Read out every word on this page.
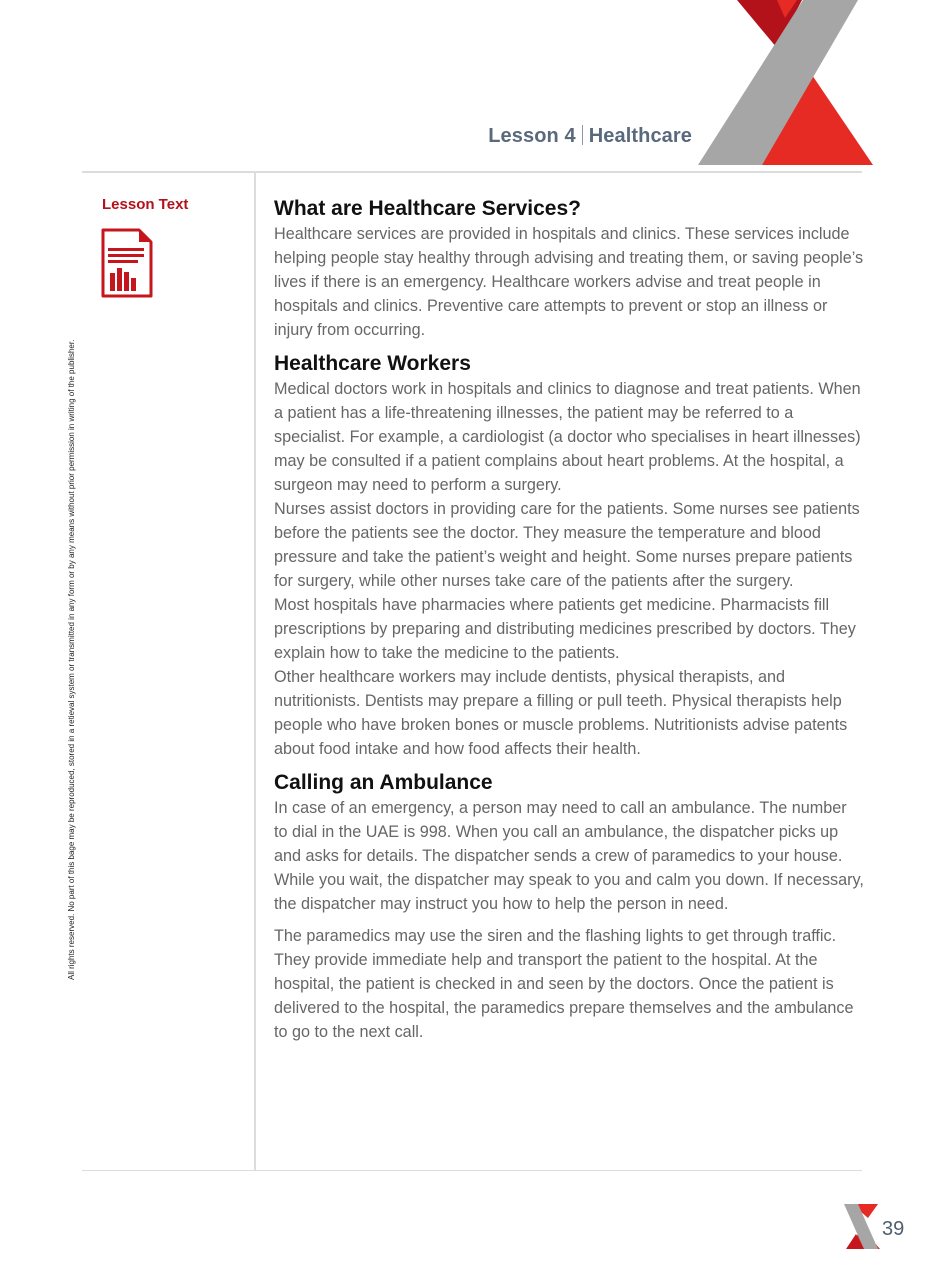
Lesson 4 Healthcare
Lesson Text
All rights reserved. No part of this bage may be reproduced, stored in a retieval system or transmitted in any form or by any means without prior permission in writing of the publisher.
What are Healthcare Services?

Healthcare services are provided in hospitals and clinics. These services include helping people stay healthy through advising and treating them, or saving people’s lives if there is an emergency. Healthcare workers advise and treat people in hospitals and clinics. Preventive care attempts to prevent or stop an illness or injury from occurring.

Healthcare Workers

Medical doctors work in hospitals and clinics to diagnose and treat patients. When a patient has a life-threatening illnesses, the patient may be referred to a specialist. For example, a cardiologist (a doctor who specialises in heart illnesses) may be consulted if a patient complains about heart problems. At the hospital, a surgeon may need to perform a surgery.

Nurses assist doctors in providing care for the patients. Some nurses see patients before the patients see the doctor. They measure the temperature and blood pressure and take the patient’s weight and height. Some nurses prepare patients for surgery, while other nurses take care of the patients after the surgery.

Most hospitals have pharmacies where patients get medicine. Pharmacists fill prescriptions by preparing and distributing medicines prescribed by doctors. They explain how to take the medicine to the patients.

Other healthcare workers may include dentists, physical therapists, and nutritionists. Dentists may prepare a filling or pull teeth. Physical therapists help people who have broken bones or muscle problems. Nutritionists advise patents about food intake and how food affects their health.

Calling an Ambulance

In case of an emergency, a person may need to call an ambulance. The number to dial in the UAE is 998. When you call an ambulance, the dispatcher picks up and asks for details. The dispatcher sends a crew of paramedics to your house. While you wait, the dispatcher may speak to you and calm you down. If necessary, the dispatcher may instruct you how to help the person in need.

The paramedics may use the siren and the flashing lights to get through traffic. They provide immediate help and transport the patient to the hospital. At the hospital, the patient is checked in and seen by the doctors. Once the patient is delivered to the hospital, the paramedics prepare themselves and the ambulance to go to the next call.

39
